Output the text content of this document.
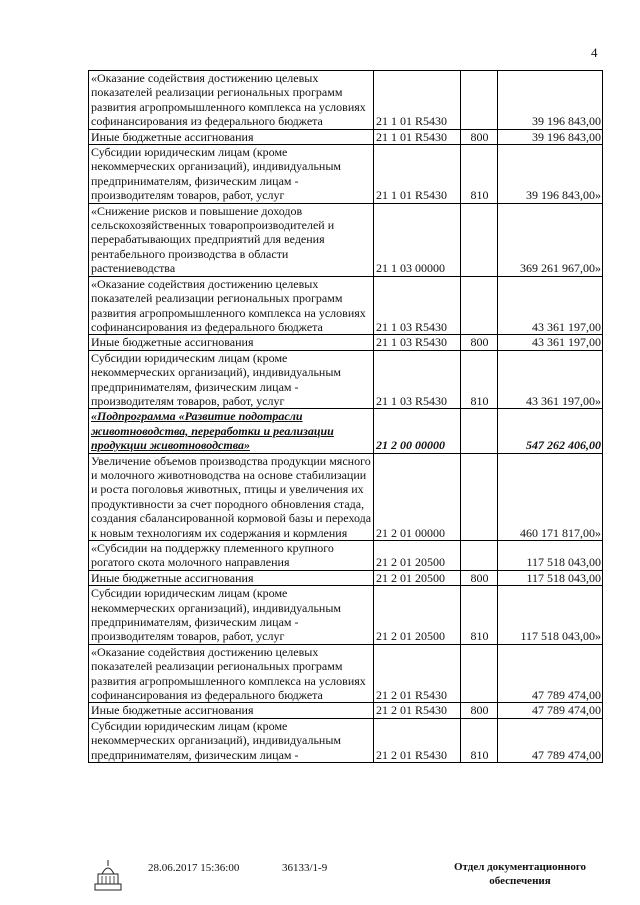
4
«Оказание содействия достижению целевых показателей реализации региональных программ развития агропромышленного комплекса на условиях софинансирования из федерального бюджета	21 1 01 R5430		39 196 843,00
Иные бюджетные ассигнования	21 1 01 R5430	800	39 196 843,00
Субсидии юридическим лицам (кроме некоммерческих организаций), индивидуальным предпринимателям, физическим лицам - производителям товаров, работ, услуг	21 1 01 R5430	810	39 196 843,00»
«Снижение рисков и повышение доходов сельскохозяйственных товаропроизводителей и перерабатывающих предприятий для ведения рентабельного производства в области растениеводства	21 1 03 00000		369 261 967,00»
«Оказание содействия достижению целевых показателей реализации региональных программ развития агропромышленного комплекса на условиях софинансирования из федерального бюджета	21 1 03 R5430		43 361 197,00
Иные бюджетные ассигнования	21 1 03 R5430	800	43 361 197,00
Субсидии юридическим лицам (кроме некоммерческих организаций), индивидуальным предпринимателям, физическим лицам - производителям товаров, работ, услуг	21 1 03 R5430	810	43 361 197,00»
«Подпрограмма «Развитие подотрасли животноводства, переработки и реализации продукции животноводства»	21 2 00 00000		547 262 406,00
Увеличение объемов производства продукции мясного и молочного животноводства на основе стабилизации и роста поголовья животных, птицы и увеличения их продуктивности за счет породного обновления стада, создания сбалансированной кормовой базы и перехода к новым технологиям их содержания и кормления	21 2 01 00000		460 171 817,00»
«Субсидии на поддержку племенного крупного рогатого скота молочного направления	21 2 01 20500		117 518 043,00
Иные бюджетные ассигнования	21 2 01 20500	800	117 518 043,00
Субсидии юридическим лицам (кроме некоммерческих организаций), индивидуальным предпринимателям, физическим лицам - производителям товаров, работ, услуг	21 2 01 20500	810	117 518 043,00»
«Оказание содействия достижению целевых показателей реализации региональных программ развития агропромышленного комплекса на условиях софинансирования из федерального бюджета	21 2 01 R5430		47 789 474,00
Иные бюджетные ассигнования	21 2 01 R5430	800	47 789 474,00
Субсидии юридическим лицам (кроме некоммерческих организаций), индивидуальным предпринимателям, физическим лицам -	21 2 01 R5430	810	47 789 474,00
28.06.2017 15:36:00	36133/1-9	Отдел документационного
обеспечения
